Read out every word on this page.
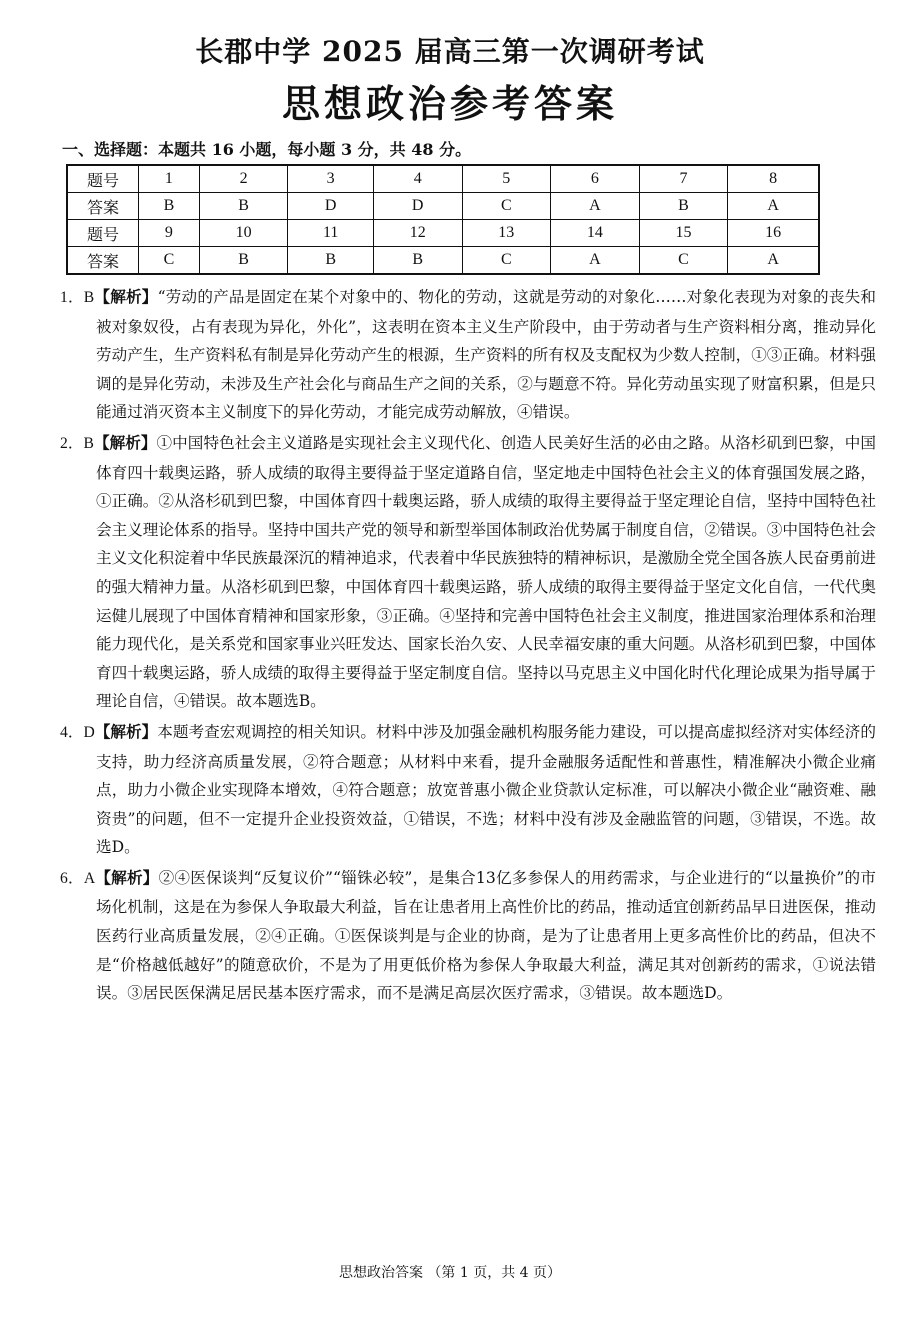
长郡中学 2025 届高三第一次调研考试
思想政治参考答案
一、选择题：本题共 16 小题，每小题 3 分，共 48 分。
题号	1	2	3	4	5	6	7	8
答案	B	B	D	D	C	A	B	A
题号	9	10	11	12	13	14	15	16
答案	C	B	B	B	C	A	C	A

1．B【解析】“劳动的产品是固定在某个对象中的、物化的劳动，这就是劳动的对象化……对象化表现为对象的丧失和被对象奴役，占有表现为异化，外化”，这表明在资本主义生产阶段中，由于劳动者与生产资料相分离，推动异化劳动产生，生产资料私有制是异化劳动产生的根源，生产资料的所有权及支配权为少数人控制，①③正确。材料强调的是异化劳动，未涉及生产社会化与商品生产之间的关系，②与题意不符。异化劳动虽实现了财富积累，但是只能通过消灭资本主义制度下的异化劳动，才能完成劳动解放，④错误。

2．B【解析】①中国特色社会主义道路是实现社会主义现代化、创造人民美好生活的必由之路。从洛杉矶到巴黎，中国体育四十载奥运路，骄人成绩的取得主要得益于坚定道路自信，坚定地走中国特色社会主义的体育强国发展之路，①正确。②从洛杉矶到巴黎，中国体育四十载奥运路，骄人成绩的取得主要得益于坚定理论自信，坚持中国特色社会主义理论体系的指导。坚持中国共产党的领导和新型举国体制政治优势属于制度自信，②错误。③中国特色社会主义文化积淀着中华民族最深沉的精神追求，代表着中华民族独特的精神标识，是激励全党全国各族人民奋勇前进的强大精神力量。从洛杉矶到巴黎，中国体育四十载奥运路，骄人成绩的取得主要得益于坚定文化自信，一代代奥运健儿展现了中国体育精神和国家形象，③正确。④坚持和完善中国特色社会主义制度，推进国家治理体系和治理能力现代化，是关系党和国家事业兴旺发达、国家长治久安、人民幸福安康的重大问题。从洛杉矶到巴黎，中国体育四十载奥运路，骄人成绩的取得主要得益于坚定制度自信。坚持以马克思主义中国化时代化理论成果为指导属于理论自信，④错误。故本题选B。

4．D【解析】本题考查宏观调控的相关知识。材料中涉及加强金融机构服务能力建设，可以提高虚拟经济对实体经济的支持，助力经济高质量发展，②符合题意；从材料中来看，提升金融服务适配性和普惠性，精准解决小微企业痛点，助力小微企业实现降本增效，④符合题意；放宽普惠小微企业贷款认定标准，可以解决小微企业“融资难、融资贵”的问题，但不一定提升企业投资效益，①错误，不选；材料中没有涉及金融监管的问题，③错误，不选。故选D。

6．A【解析】②④医保谈判“反复议价”“锱铢必较”，是集合13亿多参保人的用药需求，与企业进行的“以量换价”的市场化机制，这是在为参保人争取最大利益，旨在让患者用上高性价比的药品，推动适宜创新药品早日进医保，推动医药行业高质量发展，②④正确。①医保谈判是与企业的协商，是为了让患者用上更多高性价比的药品，但决不是“价格越低越好”的随意砍价，不是为了用更低价格为参保人争取最大利益，满足其对创新药的需求，①说法错误。③居民医保满足居民基本医疗需求，而不是满足高层次医疗需求，③错误。故本题选D。

思想政治答案 （第 1 页，共 4 页）
